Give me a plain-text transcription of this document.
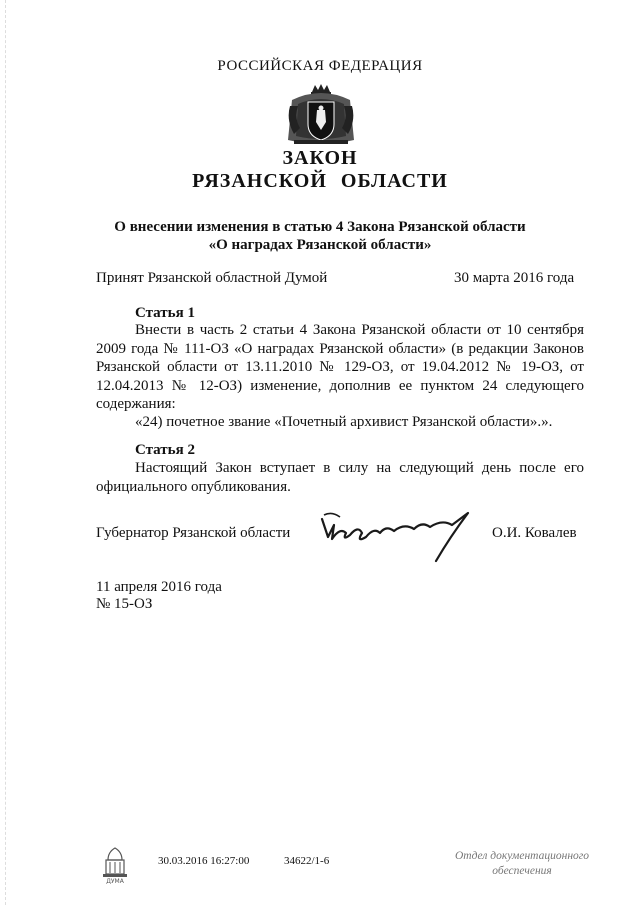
РОССИЙСКАЯ ФЕДЕРАЦИЯ
ЗАКОН
РЯЗАНСКОЙ ОБЛАСТИ
О внесении изменения в статью 4 Закона Рязанской области
«О наградах Рязанской области»
Принят Рязанской областной Думой	30 марта 2016 года
Статья 1
Внести в часть 2 статьи 4 Закона Рязанской области от 10 сентября 2009 года № 111-ОЗ «О наградах Рязанской области» (в редакции Законов Рязанской области от 13.11.2010 № 129-ОЗ, от 19.04.2012 № 19-ОЗ, от 12.04.2013 № 12-ОЗ) изменение, дополнив ее пунктом 24 следующего содержания:
«24) почетное звание «Почетный архивист Рязанской области».».
Статья 2
Настоящий Закон вступает в силу на следующий день после его официального опубликования.
Губернатор Рязанской области	О.И. Ковалев
11 апреля 2016 года
№ 15-ОЗ
ДУМА
30.03.2016 16:27:00	34622/1-6	Отдел документационного
обеспечения
